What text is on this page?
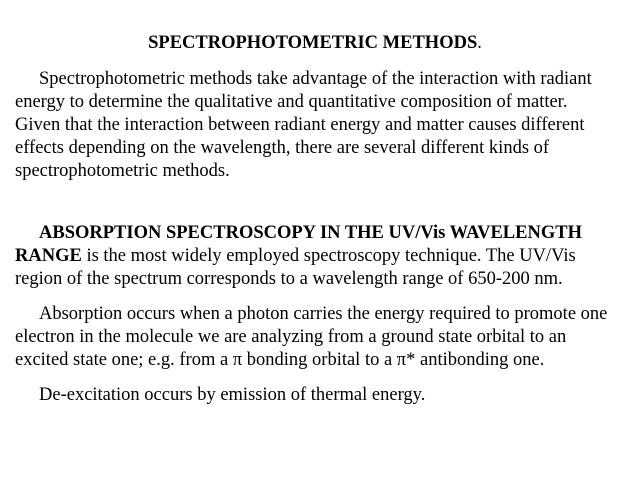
SPECTROPHOTOMETRIC METHODS.

Spectrophotometric methods take advantage of the interaction with radiant energy to determine the qualitative and quantitative composition of matter. Given that the interaction between radiant energy and matter causes different effects depending on the wavelength, there are several different kinds of spectrophotometric methods.

ABSORPTION SPECTROSCOPY IN THE UV/Vis WAVELENGTH RANGE is the most widely employed spectroscopy technique. The UV/Vis region of the spectrum corresponds to a wavelength range of 650-200 nm.

Absorption occurs when a photon carries the energy required to promote one electron in the molecule we are analyzing from a ground state orbital to an excited state one; e.g. from a π bonding orbital to a π* antibonding one.

De-excitation occurs by emission of thermal energy.
